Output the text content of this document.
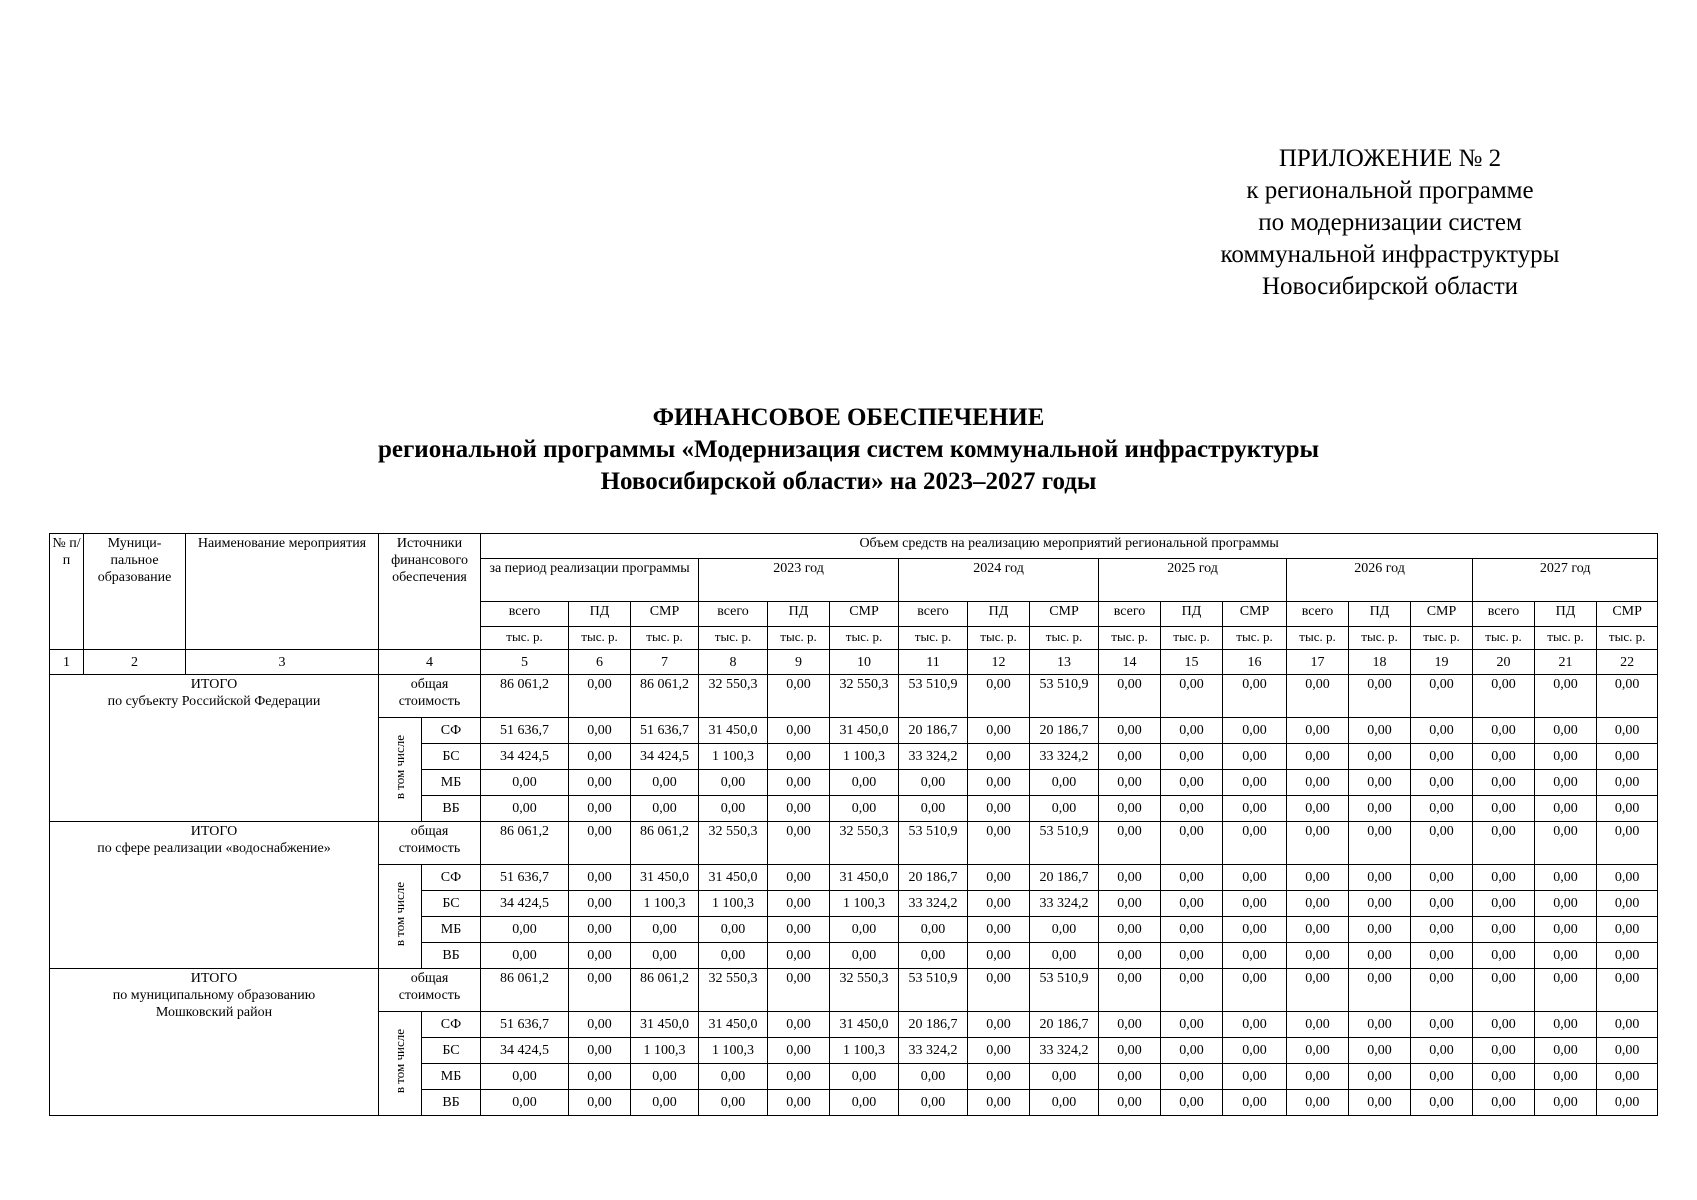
ПРИЛОЖЕНИЕ № 2
к региональной программе
по модернизации систем
коммунальной инфраструктуры
Новосибирской области
ФИНАНСОВОЕ ОБЕСПЕЧЕНИЕ
региональной программы «Модернизация систем коммунальной инфраструктуры
Новосибирской области» на 2023–2027 годы
№ п/п	Муници-пальное образование	Наименование мероприятия	Источники финансового обеспечения		Объем средств на реализацию мероприятий региональной программы																	
					за период реализации программы			2023 год			2024 год			2025 год			2026 год			2027 год		
					всего	ПД	СМР	всего	ПД	СМР	всего	ПД	СМР	всего	ПД	СМР	всего	ПД	СМР	всего	ПД	СМР
					тыс. р.	тыс. р.	тыс. р.	тыс. р.	тыс. р.	тыс. р.	тыс. р.	тыс. р.	тыс. р.	тыс. р.	тыс. р.	тыс. р.	тыс. р.	тыс. р.	тыс. р.	тыс. р.	тыс. р.	тыс. р.
1	2	3	4		5	6	7	8	9	10	11	12	13	14	15	16	17	18	19	20	21	22

ИТОГО
по субъекту Российской Федерации			общая стоимость		86 061,2	0,00	86 061,2	32 550,3	0,00	32 550,3	53 510,9	0,00	53 510,9	0,00	0,00	0,00	0,00	0,00	0,00	0,00	0,00	0,00
			в том числе	СФ	51 636,7	0,00	51 636,7	31 450,0	0,00	31 450,0	20 186,7	0,00	20 186,7	0,00	0,00	0,00	0,00	0,00	0,00	0,00	0,00	0,00
				БС	34 424,5	0,00	34 424,5	1 100,3	0,00	1 100,3	33 324,2	0,00	33 324,2	0,00	0,00	0,00	0,00	0,00	0,00	0,00	0,00	0,00
				МБ	0,00	0,00	0,00	0,00	0,00	0,00	0,00	0,00	0,00	0,00	0,00	0,00	0,00	0,00	0,00	0,00	0,00	0,00
				ВБ	0,00	0,00	0,00	0,00	0,00	0,00	0,00	0,00	0,00	0,00	0,00	0,00	0,00	0,00	0,00	0,00	0,00	0,00

ИТОГО
по сфере реализации «водоснабжение»			общая стоимость		86 061,2	0,00	86 061,2	32 550,3	0,00	32 550,3	53 510,9	0,00	53 510,9	0,00	0,00	0,00	0,00	0,00	0,00	0,00	0,00	0,00
			в том числе	СФ	51 636,7	0,00	31 450,0	31 450,0	0,00	31 450,0	20 186,7	0,00	20 186,7	0,00	0,00	0,00	0,00	0,00	0,00	0,00	0,00	0,00
				БС	34 424,5	0,00	1 100,3	1 100,3	0,00	1 100,3	33 324,2	0,00	33 324,2	0,00	0,00	0,00	0,00	0,00	0,00	0,00	0,00	0,00
				МБ	0,00	0,00	0,00	0,00	0,00	0,00	0,00	0,00	0,00	0,00	0,00	0,00	0,00	0,00	0,00	0,00	0,00	0,00
				ВБ	0,00	0,00	0,00	0,00	0,00	0,00	0,00	0,00	0,00	0,00	0,00	0,00	0,00	0,00	0,00	0,00	0,00	0,00

ИТОГО
по муниципальному образованию
Мошковский район			общая стоимость		86 061,2	0,00	86 061,2	32 550,3	0,00	32 550,3	53 510,9	0,00	53 510,9	0,00	0,00	0,00	0,00	0,00	0,00	0,00	0,00	0,00
			в том числе	СФ	51 636,7	0,00	31 450,0	31 450,0	0,00	31 450,0	20 186,7	0,00	20 186,7	0,00	0,00	0,00	0,00	0,00	0,00	0,00	0,00	0,00
				БС	34 424,5	0,00	1 100,3	1 100,3	0,00	1 100,3	33 324,2	0,00	33 324,2	0,00	0,00	0,00	0,00	0,00	0,00	0,00	0,00	0,00
				МБ	0,00	0,00	0,00	0,00	0,00	0,00	0,00	0,00	0,00	0,00	0,00	0,00	0,00	0,00	0,00	0,00	0,00	0,00
				ВБ	0,00	0,00	0,00	0,00	0,00	0,00	0,00	0,00	0,00	0,00	0,00	0,00	0,00	0,00	0,00	0,00	0,00	0,00
